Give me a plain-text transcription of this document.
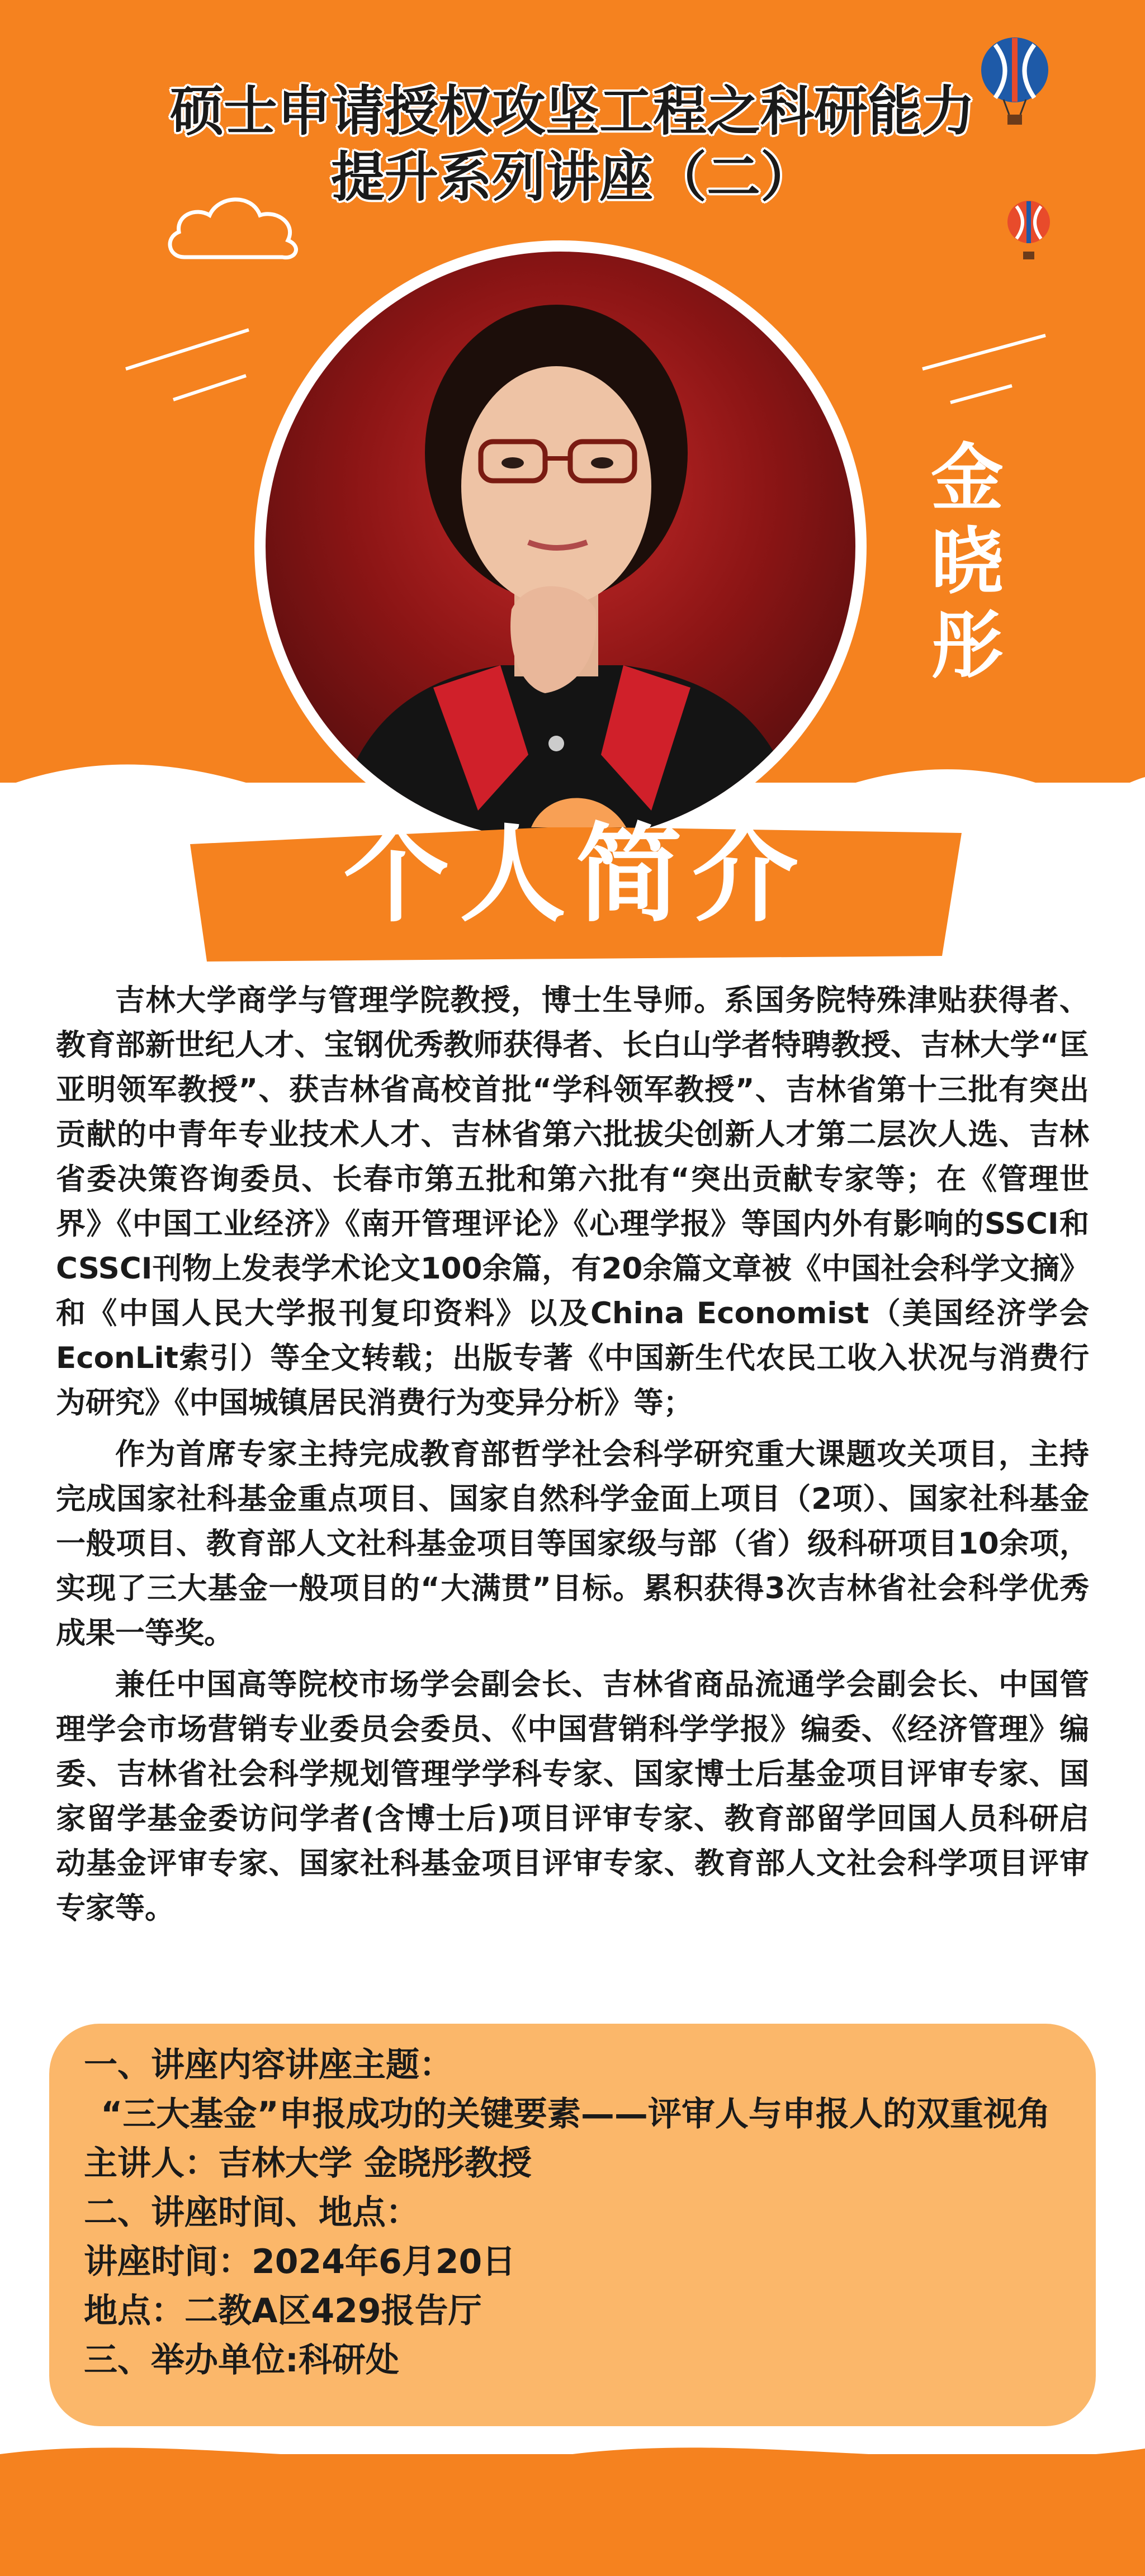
硕士申请授权攻坚工程之科研能力
提升系列讲座（二）
金
晓
彤
个人简介

吉林大学商学与管理学院教授，博士生导师。系国务院特殊津贴获得者、教育部新世纪人才、宝钢优秀教师获得者、长白山学者特聘教授、吉林大学“匡亚明领军教授”、获吉林省高校首批“学科领军教授”、吉林省第十三批有突出贡献的中青年专业技术人才、吉林省第六批拔尖创新人才第二层次人选、吉林省委决策咨询委员、长春市第五批和第六批有“突出贡献专家等；在《管理世界》《中国工业经济》《南开管理评论》《心理学报》等国内外有影响的SSCI和CSSCI刊物上发表学术论文100余篇，有20余篇文章被《中国社会科学文摘》和《中国人民大学报刊复印资料》以及China Economist（美国经济学会EconLit索引）等全文转载；出版专著《中国新生代农民工收入状况与消费行为研究》《中国城镇居民消费行为变异分析》等；

作为首席专家主持完成教育部哲学社会科学研究重大课题攻关项目，主持完成国家社科基金重点项目、国家自然科学金面上项目（2项）、国家社科基金一般项目、教育部人文社科基金项目等国家级与部（省）级科研项目10余项，实现了三大基金一般项目的“大满贯”目标。累积获得3次吉林省社会科学优秀成果一等奖。

兼任中国高等院校市场学会副会长、吉林省商品流通学会副会长、中国管理学会市场营销专业委员会委员、《中国营销科学学报》编委、《经济管理》编委、吉林省社会科学规划管理学学科专家、国家博士后基金项目评审专家、国家留学基金委访问学者(含博士后)项目评审专家、教育部留学回国人员科研启动基金评审专家、国家社科基金项目评审专家、教育部人文社会科学项目评审专家等。

一、讲座内容讲座主题：
“三大基金”申报成功的关键要素——评审人与申报人的双重视角
主讲人：吉林大学 金晓彤教授
二、讲座时间、地点：
讲座时间：2024年6月20日
地点：二教A区429报告厅
三、举办单位:科研处
